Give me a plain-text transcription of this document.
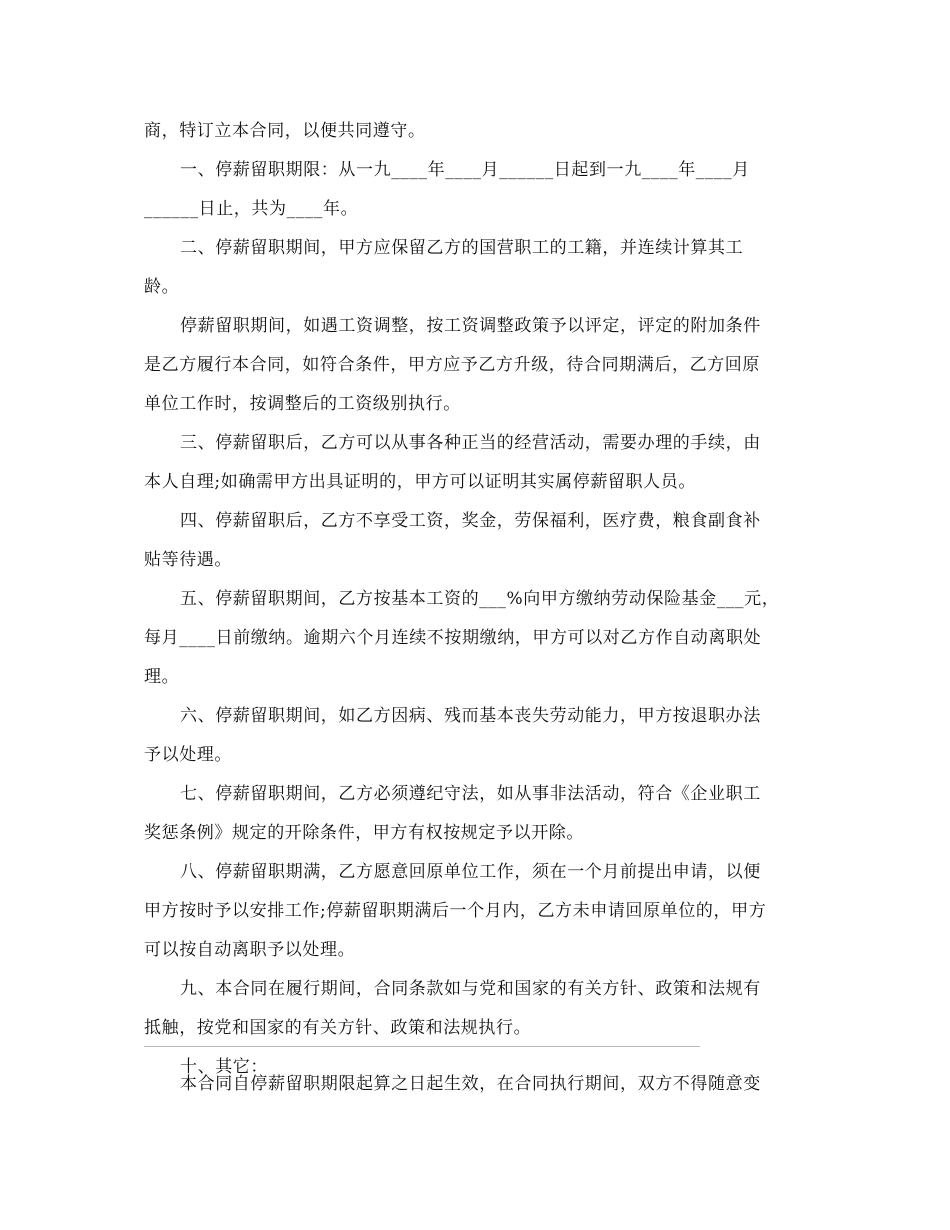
商，特订立本合同，以便共同遵守。

一、停薪留职期限：从一九____年____月______日起到一九____年____月
______日止，共为____年。

二、停薪留职期间，甲方应保留乙方的国营职工的工籍，并连续计算其工
龄。

停薪留职期间，如遇工资调整，按工资调整政策予以评定，评定的附加条件
是乙方履行本合同，如符合条件，甲方应予乙方升级，待合同期满后，乙方回原
单位工作时，按调整后的工资级别执行。

三、停薪留职后，乙方可以从事各种正当的经营活动，需要办理的手续，由
本人自理;如确需甲方出具证明的，甲方可以证明其实属停薪留职人员。

四、停薪留职后，乙方不享受工资，奖金，劳保福利，医疗费，粮食副食补
贴等待遇。

五、停薪留职期间，乙方按基本工资的___%向甲方缴纳劳动保险基金___元，
每月____日前缴纳。逾期六个月连续不按期缴纳，甲方可以对乙方作自动离职处
理。

六、停薪留职期间，如乙方因病、残而基本丧失劳动能力，甲方按退职办法
予以处理。

七、停薪留职期间，乙方必须遵纪守法，如从事非法活动，符合《企业职工
奖惩条例》规定的开除条件，甲方有权按规定予以开除。

八、停薪留职期满，乙方愿意回原单位工作，须在一个月前提出申请，以便
甲方按时予以安排工作;停薪留职期满后一个月内，乙方未申请回原单位的，甲方
可以按自动离职予以处理。

九、本合同在履行期间，合同条款如与党和国家的有关方针、政策和法规有
抵触，按党和国家的有关方针、政策和法规执行。

十、其它：

本合同自停薪留职期限起算之日起生效，在合同执行期间，双方不得随意变
